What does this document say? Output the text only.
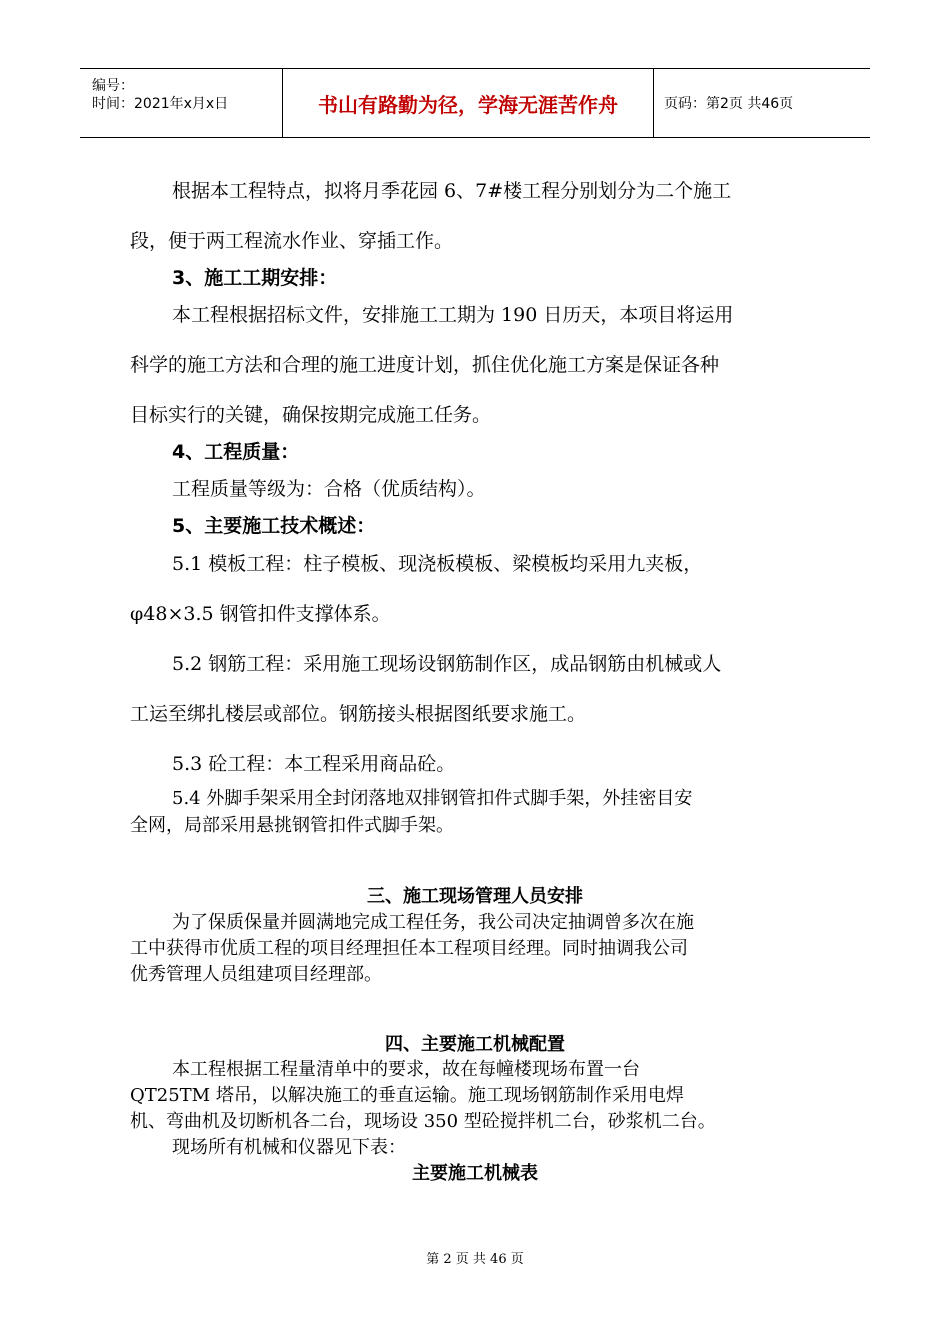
编号：
时间：2021年x月x日	书山有路勤为径，学海无涯苦作舟	页码：第2页 共46页
根据本工程特点，拟将月季花园 6、7#楼工程分别划分为二个施工
段，便于两工程流水作业、穿插工作。
3、施工工期安排：
本工程根据招标文件，安排施工工期为 190 日历天，本项目将运用
科学的施工方法和合理的施工进度计划，抓住优化施工方案是保证各种
目标实行的关键，确保按期完成施工任务。
4、工程质量：
工程质量等级为：合格（优质结构）。
5、主要施工技术概述：
5.1 模板工程：柱子模板、现浇板模板、梁模板均采用九夹板，
φ48×3.5 钢管扣件支撑体系。
5.2 钢筋工程：采用施工现场设钢筋制作区，成品钢筋由机械或人
工运至绑扎楼层或部位。钢筋接头根据图纸要求施工。
5.3 砼工程：本工程采用商品砼。
5.4 外脚手架采用全封闭落地双排钢管扣件式脚手架，外挂密目安
全网，局部采用悬挑钢管扣件式脚手架。
三、施工现场管理人员安排
为了保质保量并圆满地完成工程任务，我公司决定抽调曾多次在施
工中获得市优质工程的项目经理担任本工程项目经理。同时抽调我公司
优秀管理人员组建项目经理部。
四、主要施工机械配置
本工程根据工程量清单中的要求，故在每幢楼现场布置一台
QT25TM 塔吊，以解决施工的垂直运输。施工现场钢筋制作采用电焊
机、弯曲机及切断机各二台，现场设 350 型砼搅拌机二台，砂浆机二台。
现场所有机械和仪器见下表：
主要施工机械表
第 2 页 共 46 页
